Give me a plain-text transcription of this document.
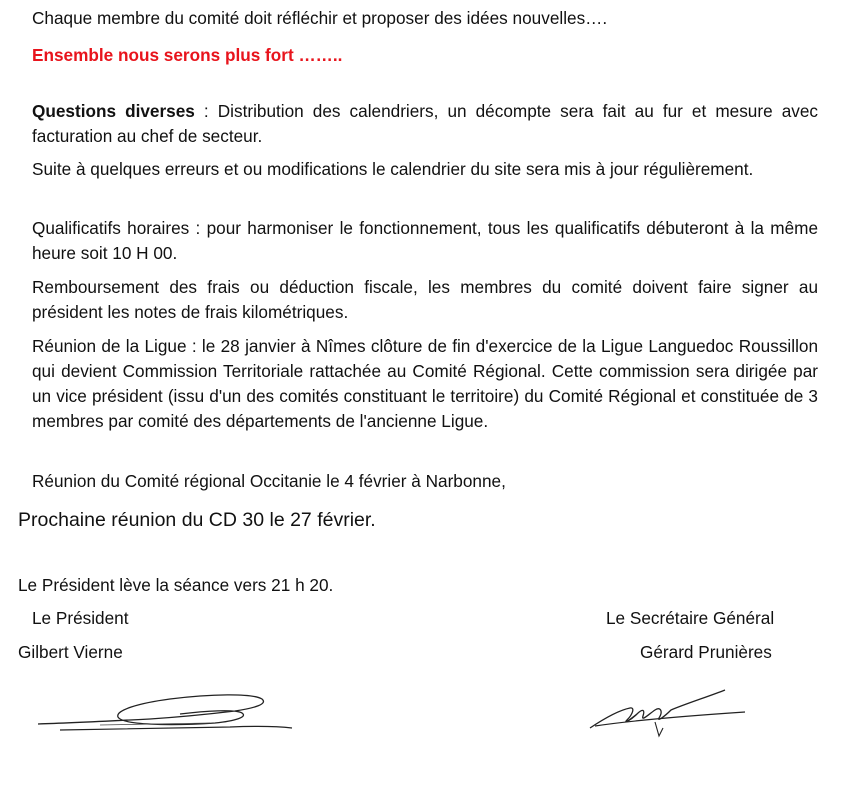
Chaque membre du comité doit réfléchir et proposer des idées nouvelles….

Ensemble nous serons plus fort ……..

Questions diverses : Distribution des calendriers, un décompte sera fait au fur et mesure avec facturation au chef de secteur.

Suite à quelques erreurs et ou modifications le calendrier du site sera mis à jour régulièrement.

Qualificatifs horaires : pour harmoniser le fonctionnement, tous les qualificatifs débuteront à la même heure soit 10 H 00.

Remboursement des frais ou déduction fiscale, les membres du comité doivent faire signer au président les notes de frais kilométriques.

Réunion de la Ligue : le 28 janvier à Nîmes clôture de fin d'exercice de la Ligue Languedoc Roussillon qui devient Commission Territoriale rattachée au Comité Régional. Cette commission sera dirigée par un vice président (issu d'un des comités constituant le territoire) du Comité Régional et constituée de 3 membres par comité des départements de l'ancienne Ligue.

Réunion du Comité régional Occitanie le 4 février à Narbonne,

Prochaine réunion du CD 30 le 27 février.

Le Président lève la séance vers 21 h 20.

Le Président	Le Secrétaire Général

Gilbert Vierne	Gérard Prunières
